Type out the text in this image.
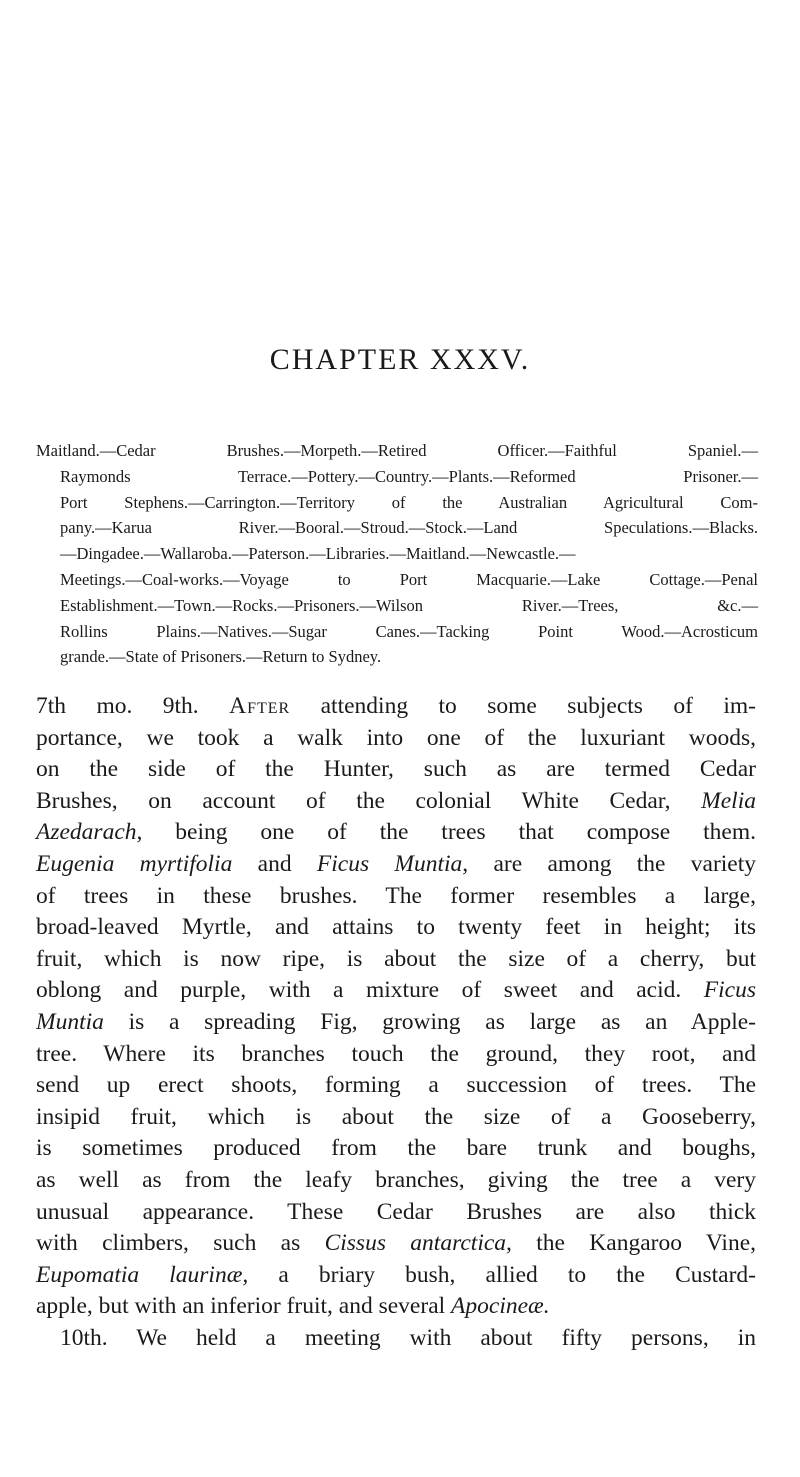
CHAPTER XXXV.
Maitland.—Cedar Brushes.—Morpeth.—Retired Officer.—Faithful Spaniel.—
Raymonds Terrace.—Pottery.—Country.—Plants.—Reformed Prisoner.—
Port Stephens.—Carrington.—Territory of the Australian Agricultural Com-
pany.—Karua River.—Booral.—Stroud.—Stock.—Land Speculations.—Blacks.
—Dingadee.—Wallaroba.—Paterson.—Libraries.—Maitland.—Newcastle.—
Meetings.—Coal-works.—Voyage to Port Macquarie.—Lake Cottage.—Penal
Establishment.—Town.—Rocks.—Prisoners.—Wilson River.—Trees, &c.—
Rollins Plains.—Natives.—Sugar Canes.—Tacking Point Wood.—Acrosticum
grande.—State of Prisoners.—Return to Sydney.
7th mo. 9th. After attending to some subjects of im-
portance, we took a walk into one of the luxuriant woods,
on the side of the Hunter, such as are termed Cedar
Brushes, on account of the colonial White Cedar, Melia
Azedarach, being one of the trees that compose them.
Eugenia myrtifolia and Ficus Muntia, are among the variety
of trees in these brushes. The former resembles a large,
broad-leaved Myrtle, and attains to twenty feet in height; its
fruit, which is now ripe, is about the size of a cherry, but
oblong and purple, with a mixture of sweet and acid. Ficus
Muntia is a spreading Fig, growing as large as an Apple-
tree. Where its branches touch the ground, they root, and
send up erect shoots, forming a succession of trees. The
insipid fruit, which is about the size of a Gooseberry,
is sometimes produced from the bare trunk and boughs,
as well as from the leafy branches, giving the tree a very
unusual appearance. These Cedar Brushes are also thick
with climbers, such as Cissus antarctica, the Kangaroo Vine,
Eupomatia laurinæ, a briary bush, allied to the Custard-
apple, but with an inferior fruit, and several Apocineæ.
10th. We held a meeting with about fifty persons, in
